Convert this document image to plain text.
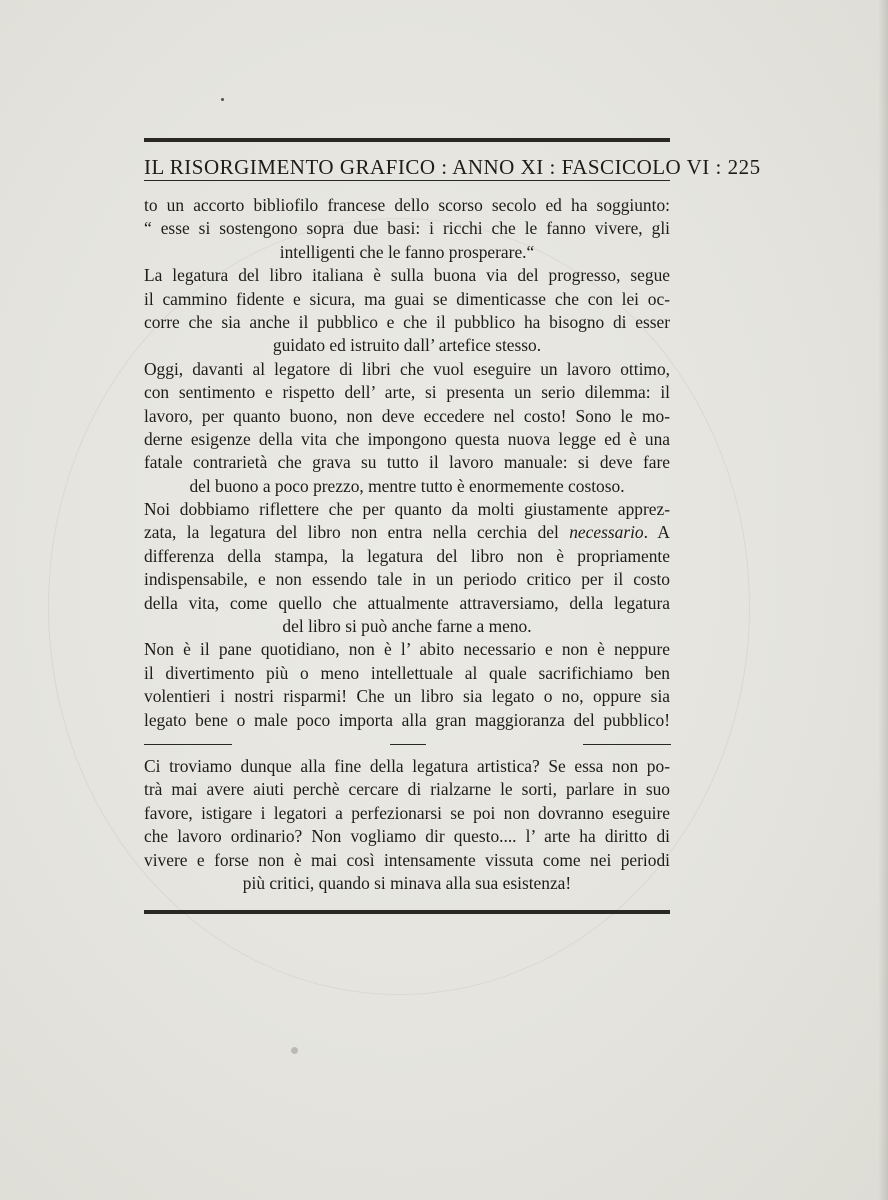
IL RISORGIMENTO GRAFICO : ANNO XI : FASCICOLO VI : 225
to un accorto bibliofilo francese dello scorso secolo ed ha soggiunto:
“ esse si sostengono sopra due basi: i ricchi che le fanno vivere, gli
intelligenti che le fanno prosperare.“
La legatura del libro italiana è sulla buona via del progresso, segue
il cammino fidente e sicura, ma guai se dimenticasse che con lei oc-
corre che sia anche il pubblico e che il pubblico ha bisogno di esser
guidato ed istruito dall’ artefice stesso.
Oggi, davanti al legatore di libri che vuol eseguire un lavoro ottimo,
con sentimento e rispetto dell’ arte, si presenta un serio dilemma: il
lavoro, per quanto buono, non deve eccedere nel costo! Sono le mo-
derne esigenze della vita che impongono questa nuova legge ed è una
fatale contrarietà che grava su tutto il lavoro manuale: si deve fare
del buono a poco prezzo, mentre tutto è enormemente costoso.
Noi dobbiamo riflettere che per quanto da molti giustamente apprez-
zata, la legatura del libro non entra nella cerchia del necessario. A
differenza della stampa, la legatura del libro non è propriamente
indispensabile, e non essendo tale in un periodo critico per il costo
della vita, come quello che attualmente attraversiamo, della legatura
del libro si può anche farne a meno.
Non è il pane quotidiano, non è l’ abito necessario e non è neppure
il divertimento più o meno intellettuale al quale sacrifichiamo ben
volentieri i nostri risparmi! Che un libro sia legato o no, oppure sia
legato bene o male poco importa alla gran maggioranza del pubblico!
Ci troviamo dunque alla fine della legatura artistica? Se essa non po-
trà mai avere aiuti perchè cercare di rialzarne le sorti, parlare in suo
favore, istigare i legatori a perfezionarsi se poi non dovranno eseguire
che lavoro ordinario? Non vogliamo dir questo.... l’ arte ha diritto di
vivere e forse non è mai così intensamente vissuta come nei periodi
più critici, quando si minava alla sua esistenza!
